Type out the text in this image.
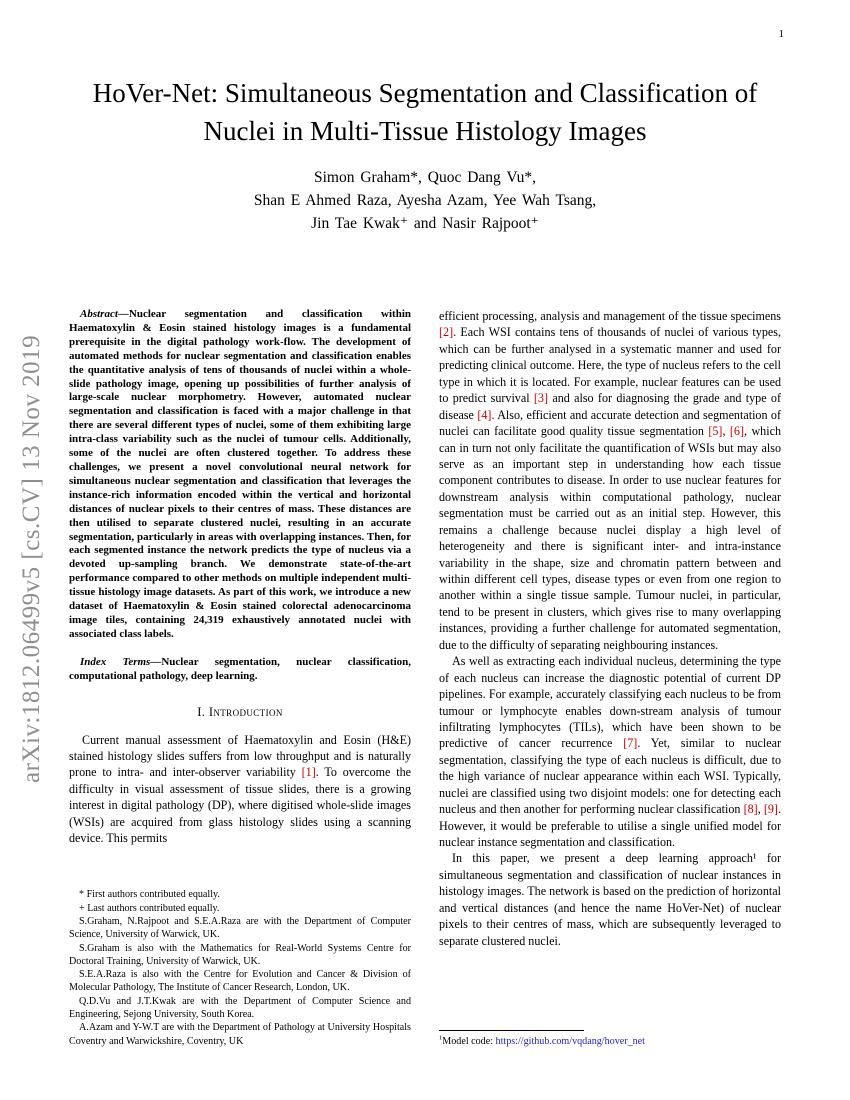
1
arXiv:1812.06499v5 [cs.CV] 13 Nov 2019
HoVer-Net: Simultaneous Segmentation and Classification of Nuclei in Multi-Tissue Histology Images
Simon Graham*, Quoc Dang Vu*,
Shan E Ahmed Raza, Ayesha Azam, Yee Wah Tsang,
Jin Tae Kwak⁺ and Nasir Rajpoot⁺

Abstract—Nuclear segmentation and classification within Haematoxylin & Eosin stained histology images is a fundamental prerequisite in the digital pathology work-flow. The development of automated methods for nuclear segmentation and classification enables the quantitative analysis of tens of thousands of nuclei within a whole-slide pathology image, opening up possibilities of further analysis of large-scale nuclear morphometry. However, automated nuclear segmentation and classification is faced with a major challenge in that there are several different types of nuclei, some of them exhibiting large intra-class variability such as the nuclei of tumour cells. Additionally, some of the nuclei are often clustered together. To address these challenges, we present a novel convolutional neural network for simultaneous nuclear segmentation and classification that leverages the instance-rich information encoded within the vertical and horizontal distances of nuclear pixels to their centres of mass. These distances are then utilised to separate clustered nuclei, resulting in an accurate segmentation, particularly in areas with overlapping instances. Then, for each segmented instance the network predicts the type of nucleus via a devoted up-sampling branch. We demonstrate state-of-the-art performance compared to other methods on multiple independent multi-tissue histology image datasets. As part of this work, we introduce a new dataset of Haematoxylin & Eosin stained colorectal adenocarcinoma image tiles, containing 24,319 exhaustively annotated nuclei with associated class labels.

Index Terms—Nuclear segmentation, nuclear classification, computational pathology, deep learning.

I. Introduction

Current manual assessment of Haematoxylin and Eosin (H&E) stained histology slides suffers from low throughput and is naturally prone to intra- and inter-observer variability [1]. To overcome the difficulty in visual assessment of tissue slides, there is a growing interest in digital pathology (DP), where digitised whole-slide images (WSIs) are acquired from glass histology slides using a scanning device. This permits

* First authors contributed equally.

+ Last authors contributed equally.

S.Graham, N.Rajpoot and S.E.A.Raza are with the Department of Computer Science, University of Warwick, UK.

S.Graham is also with the Mathematics for Real-World Systems Centre for Doctoral Training, University of Warwick, UK.

S.E.A.Raza is also with the Centre for Evolution and Cancer & Division of Molecular Pathology, The Institute of Cancer Research, London, UK.

Q.D.Vu and J.T.Kwak are with the Department of Computer Science and Engineering, Sejong University, South Korea.

A.Azam and Y-W.T are with the Department of Pathology at University Hospitals Coventry and Warwickshire, Coventry, UK

efficient processing, analysis and management of the tissue specimens [2]. Each WSI contains tens of thousands of nuclei of various types, which can be further analysed in a systematic manner and used for predicting clinical outcome. Here, the type of nucleus refers to the cell type in which it is located. For example, nuclear features can be used to predict survival [3] and also for diagnosing the grade and type of disease [4]. Also, efficient and accurate detection and segmentation of nuclei can facilitate good quality tissue segmentation [5], [6], which can in turn not only facilitate the quantification of WSIs but may also serve as an important step in understanding how each tissue component contributes to disease. In order to use nuclear features for downstream analysis within computational pathology, nuclear segmentation must be carried out as an initial step. However, this remains a challenge because nuclei display a high level of heterogeneity and there is significant inter- and intra-instance variability in the shape, size and chromatin pattern between and within different cell types, disease types or even from one region to another within a single tissue sample. Tumour nuclei, in particular, tend to be present in clusters, which gives rise to many overlapping instances, providing a further challenge for automated segmentation, due to the difficulty of separating neighbouring instances.

As well as extracting each individual nucleus, determining the type of each nucleus can increase the diagnostic potential of current DP pipelines. For example, accurately classifying each nucleus to be from tumour or lymphocyte enables down-stream analysis of tumour infiltrating lymphocytes (TILs), which have been shown to be predictive of cancer recurrence [7]. Yet, similar to nuclear segmentation, classifying the type of each nucleus is difficult, due to the high variance of nuclear appearance within each WSI. Typically, nuclei are classified using two disjoint models: one for detecting each nucleus and then another for performing nuclear classification [8], [9]. However, it would be preferable to utilise a single unified model for nuclear instance segmentation and classification.

In this paper, we present a deep learning approach¹ for simultaneous segmentation and classification of nuclear instances in histology images. The network is based on the prediction of horizontal and vertical distances (and hence the name HoVer-Net) of nuclear pixels to their centres of mass, which are subsequently leveraged to separate clustered nuclei.

$^1$Model code: https://github.com/vqdang/hover_net
